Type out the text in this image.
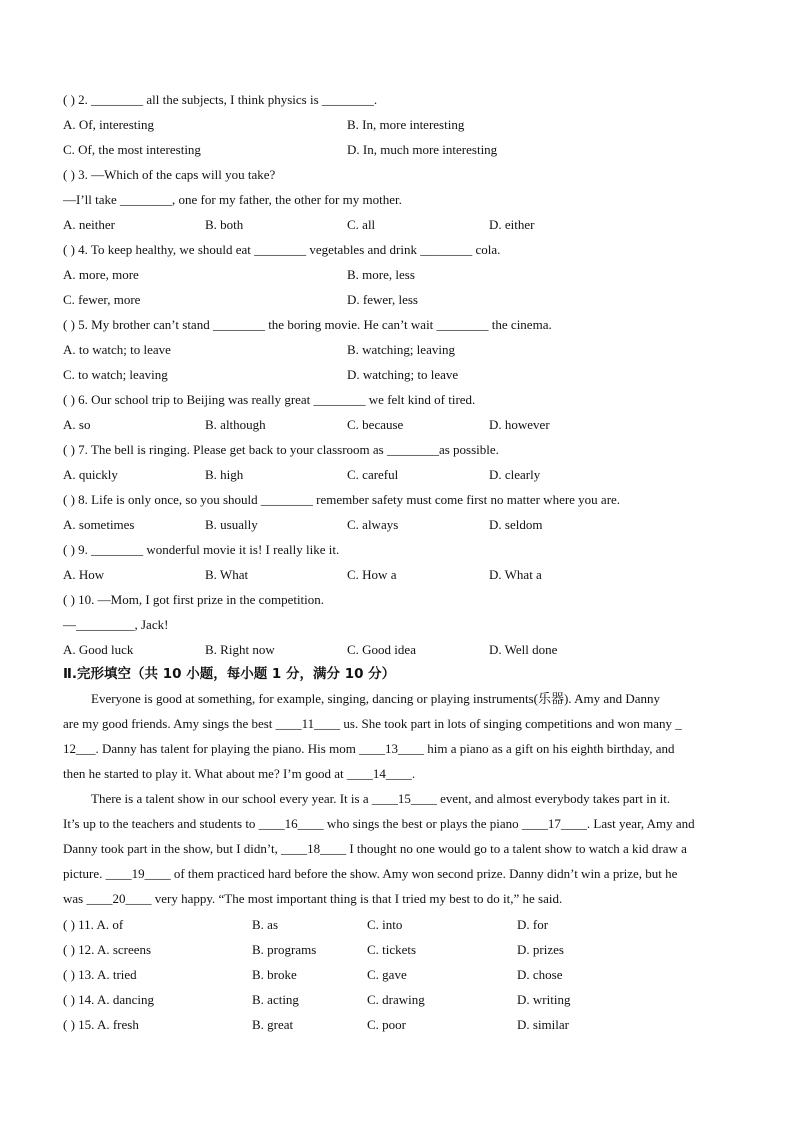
( ) 2. ________ all the subjects, I think physics is ________.
A. Of, interesting	B. In, more interesting
C. Of, the most interesting	D. In, much more interesting
( ) 3. —Which of the caps will you take?
—I’ll take ________, one for my father, the other for my mother.
A. neither	B. both	C. all	D. either
( ) 4. To keep healthy, we should eat ________ vegetables and drink ________ cola.
A. more, more	B. more, less
C. fewer, more	D. fewer, less
( ) 5. My brother can’t stand ________ the boring movie. He can’t wait ________ the cinema.
A. to watch; to leave	B. watching; leaving
C. to watch; leaving	D. watching; to leave
( ) 6. Our school trip to Beijing was really great ________ we felt kind of tired.
A. so	B. although	C. because	D. however
( ) 7. The bell is ringing. Please get back to your classroom as ________as possible.
A. quickly	B. high	C. careful	D. clearly
( ) 8. Life is only once, so you should ________ remember safety must come first no matter where you are.
A. sometimes	B. usually	C. always	D. seldom
( ) 9. ________ wonderful movie it is! I really like it.
A. How	B. What	C. How a	D. What a
( ) 10. —Mom, I got first prize in the competition.
—_________, Jack!
A. Good luck	B. Right now	C. Good idea	D. Well done
Ⅱ.完形填空（共 10 小题，每小题 1 分，满分 10 分）
Everyone is good at something, for example, singing, dancing or playing instruments(乐器). Amy and Danny
are my good friends. Amy sings the best ____11____ us. She took part in lots of singing competitions and won many _
12___. Danny has talent for playing the piano. His mom ____13____ him a piano as a gift on his eighth birthday, and
then he started to play it. What about me? I’m good at ____14____.
There is a talent show in our school every year. It is a ____15____ event, and almost everybody takes part in it.
It’s up to the teachers and students to ____16____ who sings the best or plays the piano ____17____. Last year, Amy and
Danny took part in the show, but I didn’t, ____18____ I thought no one would go to a talent show to watch a kid draw a
picture. ____19____ of them practiced hard before the show. Amy won second prize. Danny didn’t win a prize, but he
was ____20____ very happy. “The most important thing is that I tried my best to do it,” he said.
( ) 11. A. of	B. as	C. into	D. for
( ) 12. A. screens	B. programs	C. tickets	D. prizes
( ) 13. A. tried	B. broke	C. gave	D. chose
( ) 14. A. dancing	B. acting	C. drawing	D. writing
( ) 15. A. fresh	B. great	C. poor	D. similar
